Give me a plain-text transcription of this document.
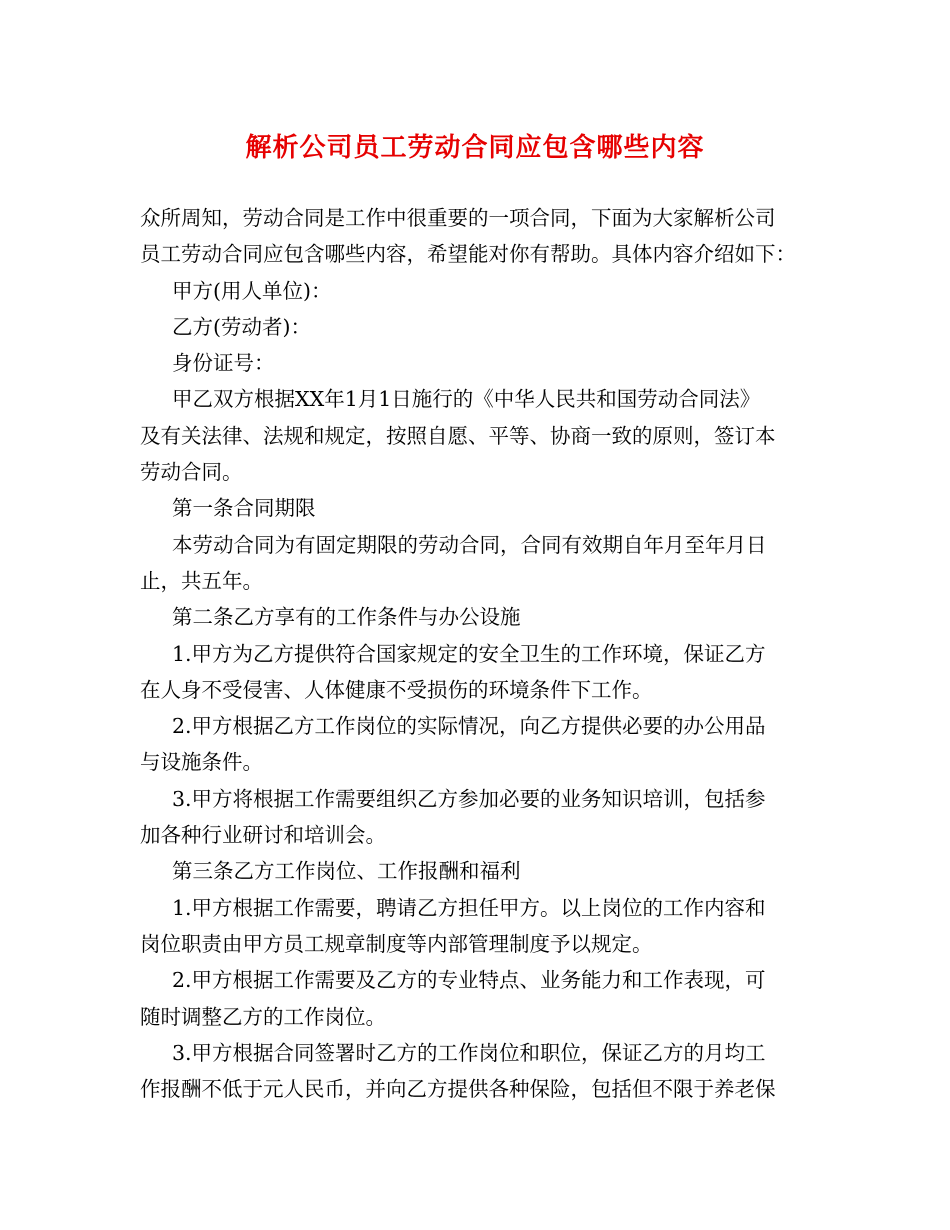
解析公司员工劳动合同应包含哪些内容
众所周知，劳动合同是工作中很重要的一项合同，下面为大家解析公司
员工劳动合同应包含哪些内容，希望能对你有帮助。具体内容介绍如下：
甲方(用人单位)：
乙方(劳动者)：
身份证号：
甲乙双方根据XX年1月1日施行的《中华人民共和国劳动合同法》
及有关法律、法规和规定，按照自愿、平等、协商一致的原则，签订本
劳动合同。
第一条合同期限
本劳动合同为有固定期限的劳动合同，合同有效期自年月至年月日
止，共五年。
第二条乙方享有的工作条件与办公设施
1.甲方为乙方提供符合国家规定的安全卫生的工作环境，保证乙方
在人身不受侵害、人体健康不受损伤的环境条件下工作。
2.甲方根据乙方工作岗位的实际情况，向乙方提供必要的办公用品
与设施条件。
3.甲方将根据工作需要组织乙方参加必要的业务知识培训，包括参
加各种行业研讨和培训会。
第三条乙方工作岗位、工作报酬和福利
1.甲方根据工作需要，聘请乙方担任甲方。以上岗位的工作内容和
岗位职责由甲方员工规章制度等内部管理制度予以规定。
2.甲方根据工作需要及乙方的专业特点、业务能力和工作表现，可
随时调整乙方的工作岗位。
3.甲方根据合同签署时乙方的工作岗位和职位，保证乙方的月均工
作报酬不低于元人民币，并向乙方提供各种保险，包括但不限于养老保
